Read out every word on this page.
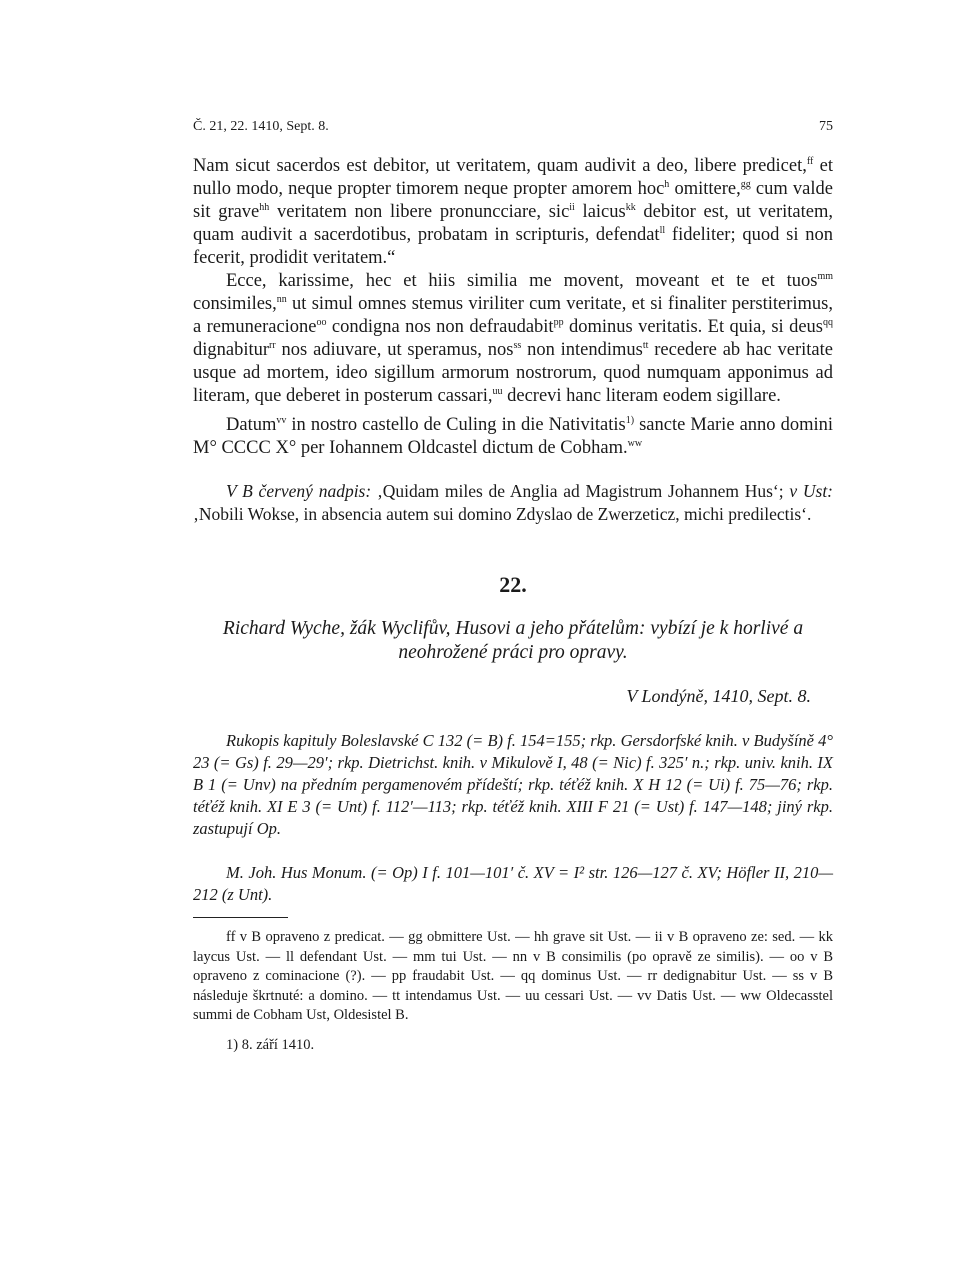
Č. 21, 22. 1410, Sept. 8.	75

Nam sicut sacerdos est debitor, ut veritatem, quam audivit a deo, libere predicet,$^{ff}$ et nullo modo, neque propter timorem neque propter amorem hoc$^h$ omittere,$^{gg}$ cum valde sit grave$^{hh}$ veritatem non libere pronuncciare, sic$^{ii}$ laicus$^{kk}$ debitor est, ut veritatem, quam audivit a sacerdotibus, probatam in scripturis, defendat$^{ll}$ fideliter; quod si non fecerit, prodidit veritatem.“

Ecce, karissime, hec et hiis similia me movent, moveant et te et tuos$^{mm}$ consimiles,$^{nn}$ ut simul omnes stemus viriliter cum veritate, et si finaliter perstiterimus, a remuneracione$^{oo}$ condigna nos non defraudabit$^{pp}$ dominus veritatis. Et quia, si deus$^{qq}$ dignabitur$^{rr}$ nos adiuvare, ut speramus, nos$^{ss}$ non intendimus$^{tt}$ recedere ab hac veritate usque ad mortem, ideo sigillum armorum nostrorum, quod numquam apponimus ad literam, que deberet in posterum cassari,$^{uu}$ decrevi hanc literam eodem sigillare.

Datum$^{vv}$ in nostro castello de Culing in die Nativitatis$^{1)}$ sancte Marie anno domini M° CCCC X° per Iohannem Oldcastel dictum de Cobham.$^{ww}$

V B červený nadpis: ‚Quidam miles de Anglia ad Magistrum Johannem Hus‘; v Ust: ‚Nobili Wokse, in absencia autem sui domino Zdyslao de Zwerzeticz, michi predilectis‘.

22.

Richard Wyche, žák Wyclifův, Husovi a jeho přátelům: vybízí je k horlivé a neohrožené práci pro opravy.

V Londýně, 1410, Sept. 8.

Rukopis kapituly Boleslavské C 132 (= B) f. 154=155; rkp. Gersdorfské knih. v Budyšíně 4° 23 (= Gs) f. 29—29′; rkp. Dietrichst. knih. v Mikulově I, 48 (= Nic) f. 325′ n.; rkp. univ. knih. IX B 1 (= Unv) na předním pergamenovém přídeští; rkp. téťéž knih. X H 12 (= Ui) f. 75—76; rkp. téťéž knih. XI E 3 (= Unt) f. 112′—113; rkp. téťéž knih. XIII F 21 (= Ust) f. 147—148; jiný rkp. zastupují Op.

M. Joh. Hus Monum. (= Op) I f. 101—101′ č. XV = I² str. 126—127 č. XV; Höfler II, 210—212 (z Unt).

ff v B opraveno z predicat. — gg obmittere Ust. — hh grave sit Ust. — ii v B opraveno ze: sed. — kk laycus Ust. — ll defendant Ust. — mm tui Ust. — nn v B consimilis (po opravě ze similis). — oo v B opraveno z cominacione (?). — pp fraudabit Ust. — qq dominus Ust. — rr dedignabitur Ust. — ss v B následuje škrtnuté: a domino. — tt intendamus Ust. — uu cessari Ust. — vv Datis Ust. — ww Oldecasstel summi de Cobham Ust, Oldesistel B.

1) 8. září 1410.
